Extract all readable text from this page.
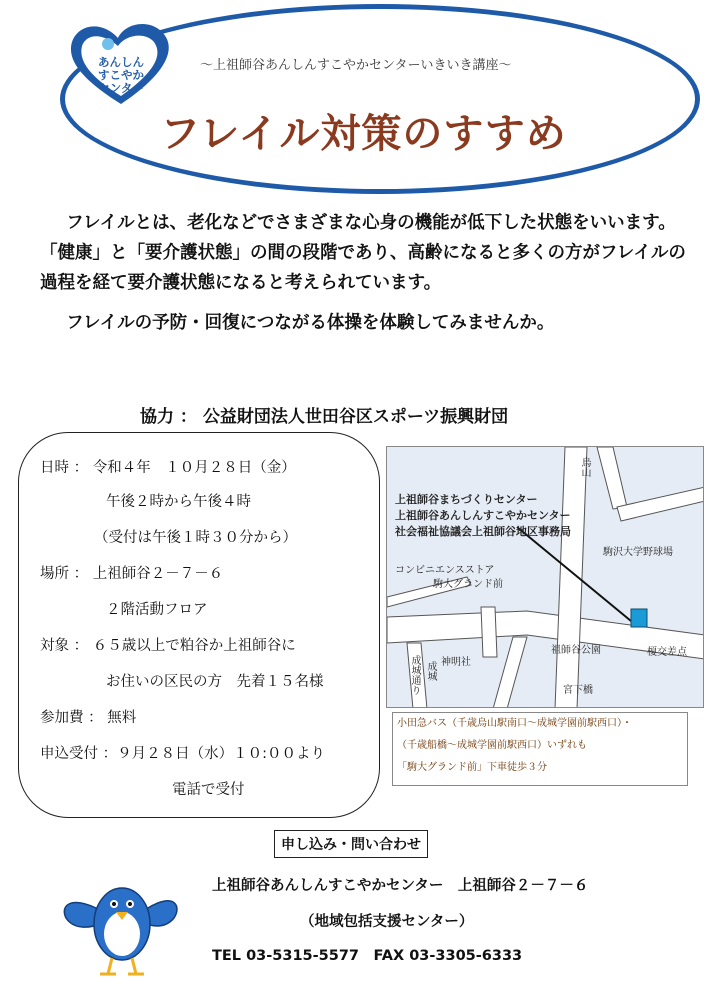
あんしん
すこやか
センター
～上祖師谷あんしんすこやかセンターいきいき講座～
フレイル対策のすすめ

フレイルとは、老化などでさまざまな心身の機能が低下した状態をいいます。「健康」と「要介護状態」の間の段階であり、高齢になると多くの方がフレイルの過程を経て要介護状態になると考えられています。

フレイルの予防・回復につながる体操を体験してみませんか。

協力 ： 公益財団法人世田谷区スポーツ振興財団
日時 ： 令和４年　１０月２８日（金）
午後２時から午後４時
（受付は午後１時３０分から）
場所 ： 上祖師谷２－７－６
２階活動フロア
対象 ： ６５歳以上で粕谷か上祖師谷に
お住いの区民の方　先着１５名様
参加費 ： 無料
申込受付 ：９月２８日（水）１０:００より
電話で受付
上祖師谷まちづくりセンター
上祖師谷あんしんすこやかセンター
社会福祉協議会上祖師谷地区事務局
コンビニエンスストア
駒大グランド前
駒沢大学野球場
神明社
祖師谷公園
宮下橋
榎交差点
成城通り
烏山
成城
小田急バス（千歳烏山駅南口～成城学園前駅西口）・
（千歳船橋～成城学園前駅西口）いずれも
「駒大グランド前」下車徒歩３分
申し込み・問い合わせ
上祖師谷あんしんすこやかセンター　上祖師谷２－７－６
（地域包括支援センター）
TEL 03-5315-5577　FAX 03-3305-6333
